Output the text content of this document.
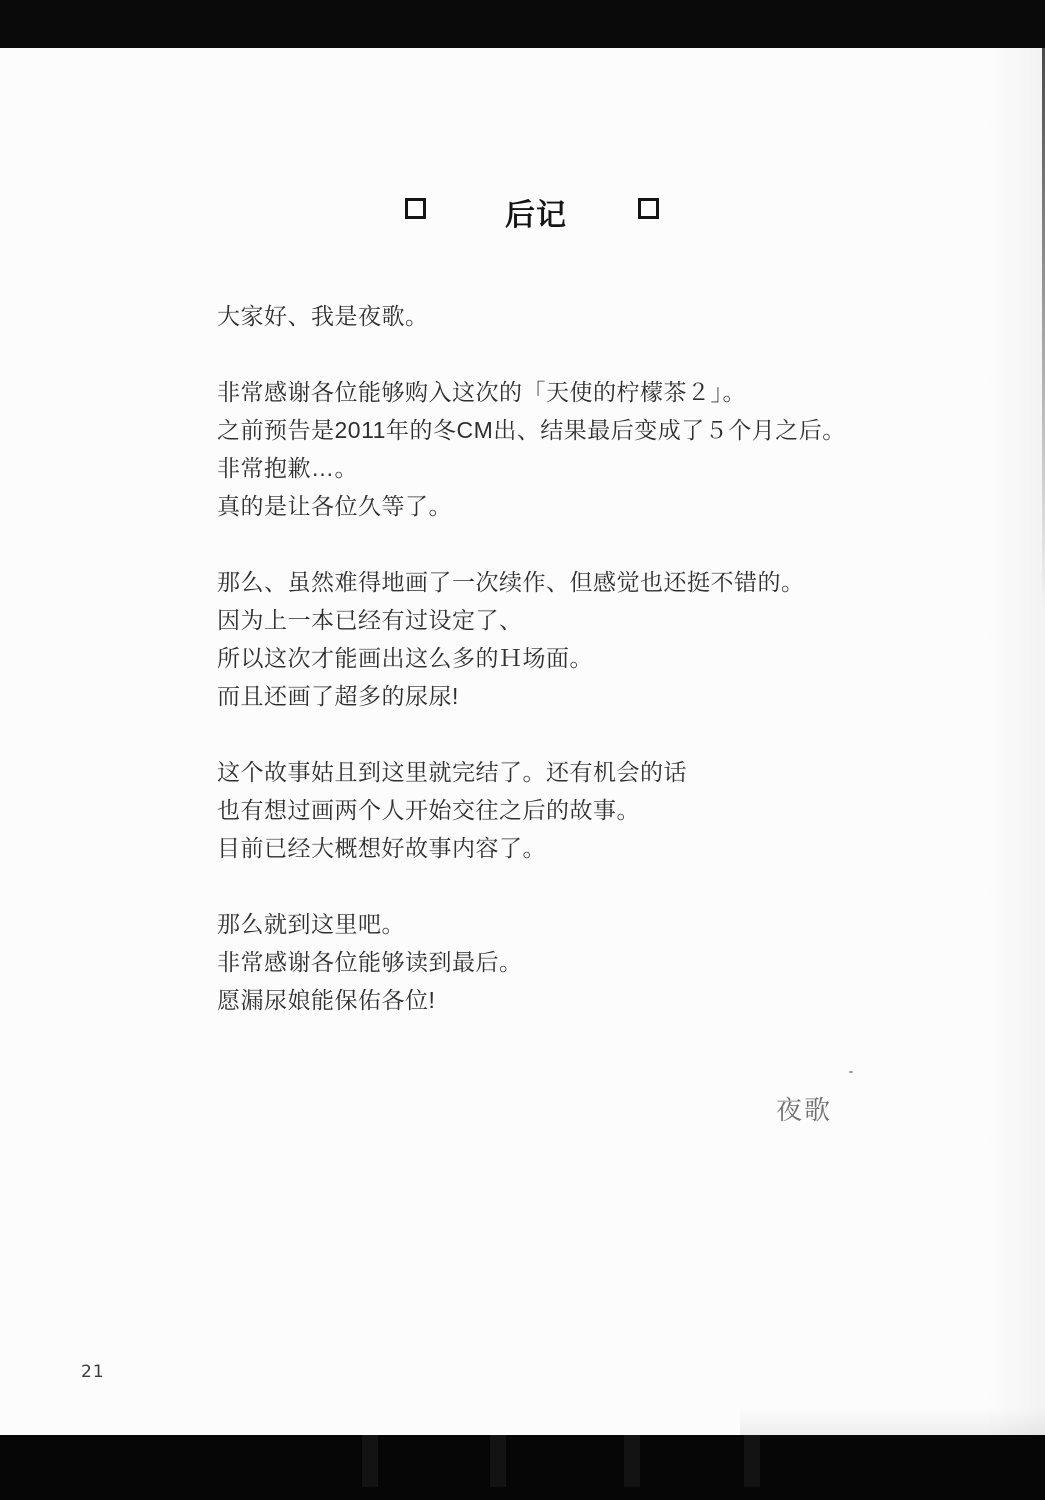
后记
大家好、我是夜歌。
非常感谢各位能够购入这次的「天使的柠檬茶２」。
之前预告是2011年的冬CM出、结果最后变成了５个月之后。
非常抱歉…。
真的是让各位久等了。
那么、虽然难得地画了一次续作、但感觉也还挺不错的。
因为上一本已经有过设定了、
所以这次才能画出这么多的Ｈ场面。
而且还画了超多的尿尿!
这个故事姑且到这里就完结了。还有机会的话
也有想过画两个人开始交往之后的故事。
目前已经大概想好故事内容了。
那么就到这里吧。
非常感谢各位能够读到最后。
愿漏尿娘能保佑各位!
夜歌
21
